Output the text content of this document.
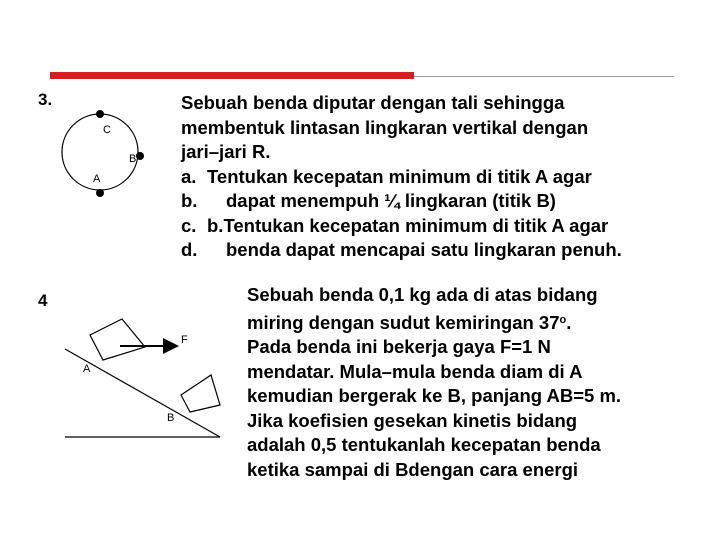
3.
C
B
A
Sebuah benda diputar dengan tali sehingga
membentuk lintasan lingkaran vertikal dengan
jari–jari R.
a. Tentukan kecepatan minimum di titik A agar
b.	dapat menempuh ¼ lingkaran (titik B)
c. b.Tentukan kecepatan minimum di titik A agar
d.	benda dapat mencapai satu lingkaran penuh.
4
F
A
B
Sebuah benda 0,1 kg ada di atas bidang
miring dengan sudut kemiringan 37$^o$.
Pada benda ini bekerja gaya F=1 N
mendatar. Mula–mula benda diam di A
kemudian bergerak ke B, panjang AB=5 m.
Jika koefisien gesekan kinetis bidang
adalah 0,5 tentukanlah kecepatan benda
ketika sampai di Bdengan cara energi
